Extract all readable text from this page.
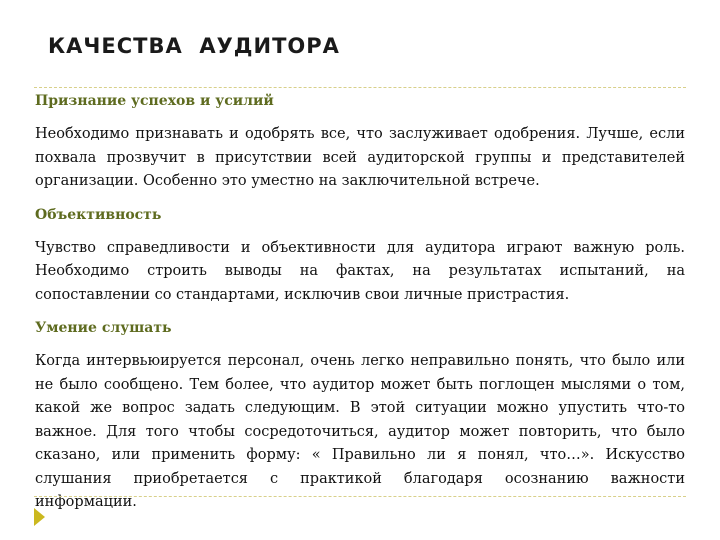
КАЧЕСТВА  АУДИТОРА
Признание успехов и усилий

Необходимо признавать и одобрять все, что заслуживает одобрения. Лучше, если похвала прозвучит в присутствии всей аудиторской группы и представителей организации. Особенно это уместно на заключительной встрече.

Объективность

Чувство справедливости и объективности для аудитора играют важную роль. Необходимо строить выводы на фактах, на результатах испытаний, на сопоставлении со стандартами, исключив свои личные пристрастия.

Умение слушать

Когда интервьюируется персонал, очень легко неправильно понять, что было или не было сообщено. Тем более, что аудитор может быть поглощен мыслями о том, какой же вопрос задать следующим. В этой ситуации можно упустить что-то важное. Для того чтобы сосредоточиться, аудитор может повторить, что было сказано, или применить форму: « Правильно ли я понял, что…». Искусство слушания приобретается с практикой благодаря осознанию важности информации.
